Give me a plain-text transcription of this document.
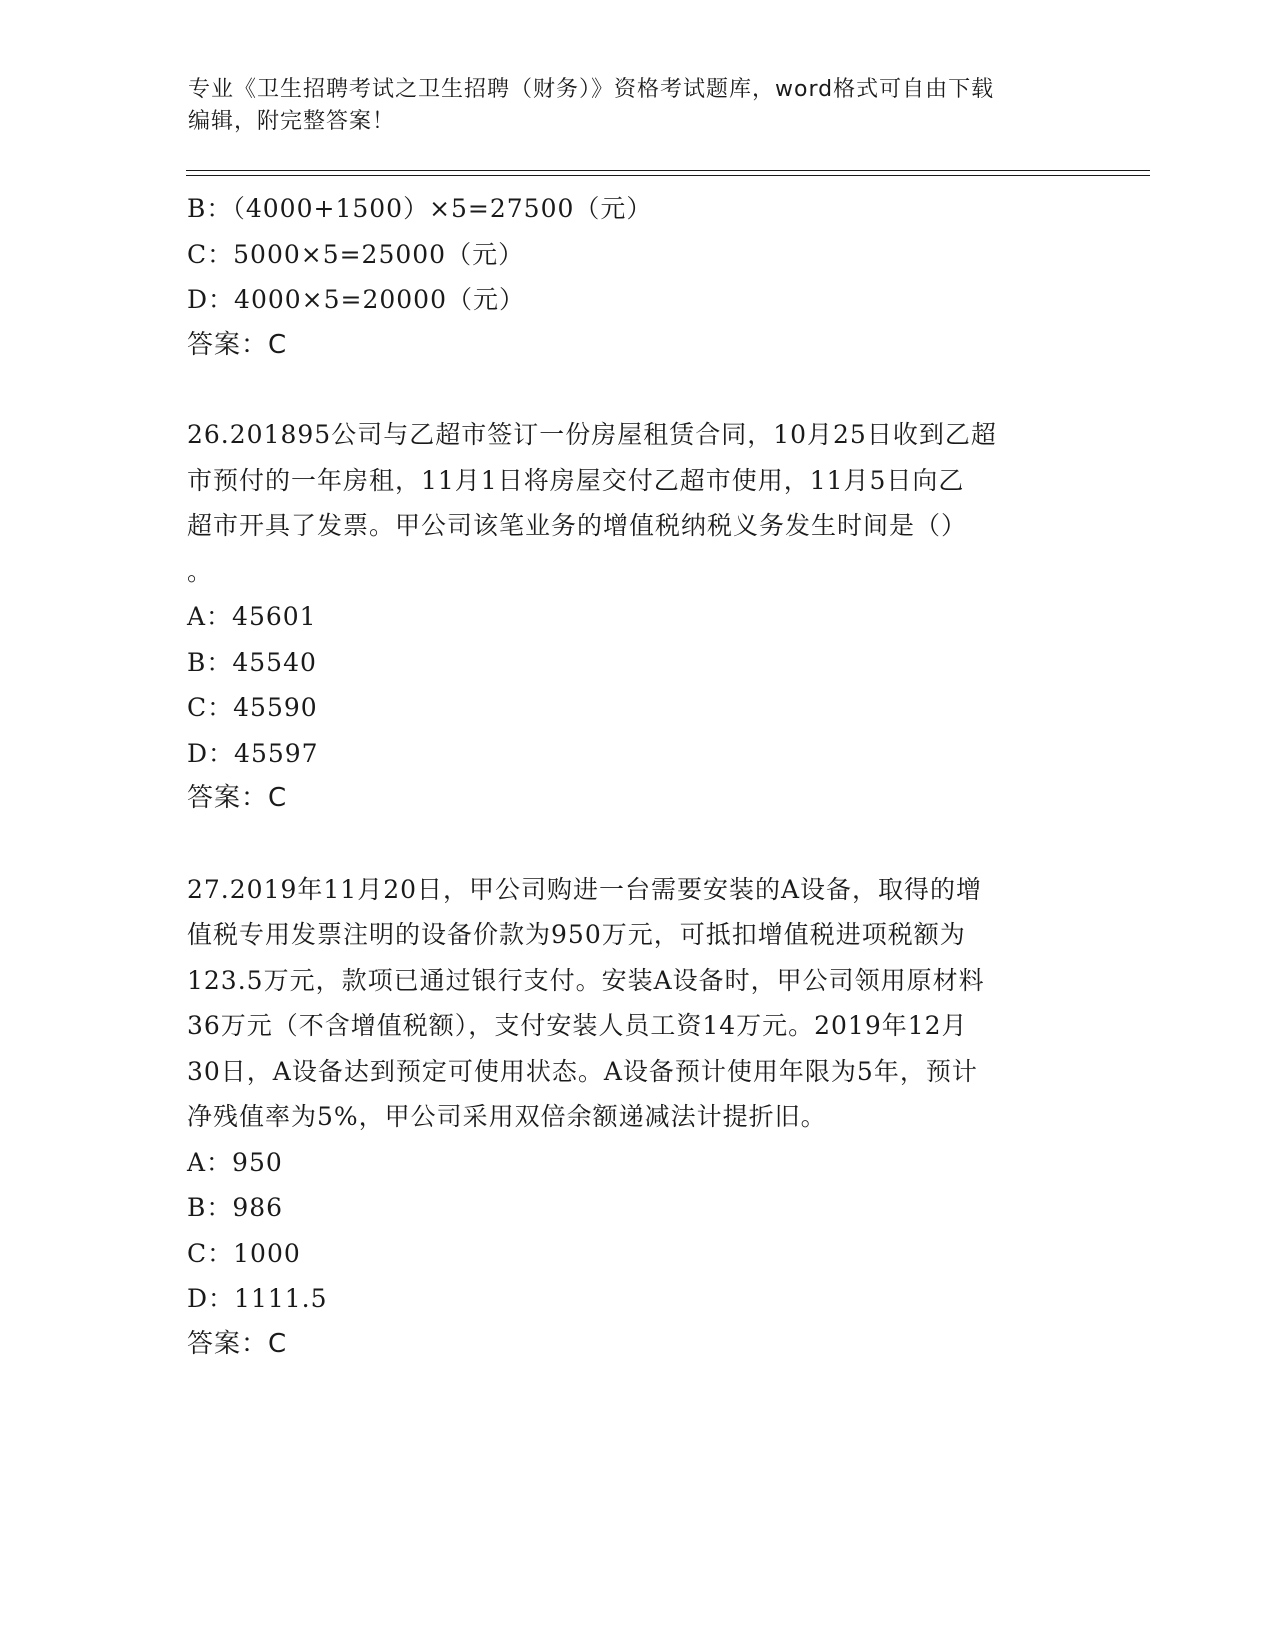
专业《卫生招聘考试之卫生招聘（财务）》资格考试题库，word格式可自由下载
编辑，附完整答案！
B：（4000+1500）×5=27500（元）
C：5000×5=25000（元）
D：4000×5=20000（元）
答案：C
26.201895公司与乙超市签订一份房屋租赁合同，10月25日收到乙超
市预付的一年房租，11月1日将房屋交付乙超市使用，11月5日向乙
超市开具了发票。甲公司该笔业务的增值税纳税义务发生时间是（）
。
A：45601
B：45540
C：45590
D：45597
答案：C
27.2019年11月20日，甲公司购进一台需要安装的A设备，取得的增
值税专用发票注明的设备价款为950万元，可抵扣增值税进项税额为
123.5万元，款项已通过银行支付。安装A设备时，甲公司领用原材料
36万元（不含增值税额），支付安装人员工资14万元。2019年12月
30日，A设备达到预定可使用状态。A设备预计使用年限为5年，预计
净残值率为5%，甲公司采用双倍余额递减法计提折旧。
A：950
B：986
C：1000
D：1111.5
答案：C
